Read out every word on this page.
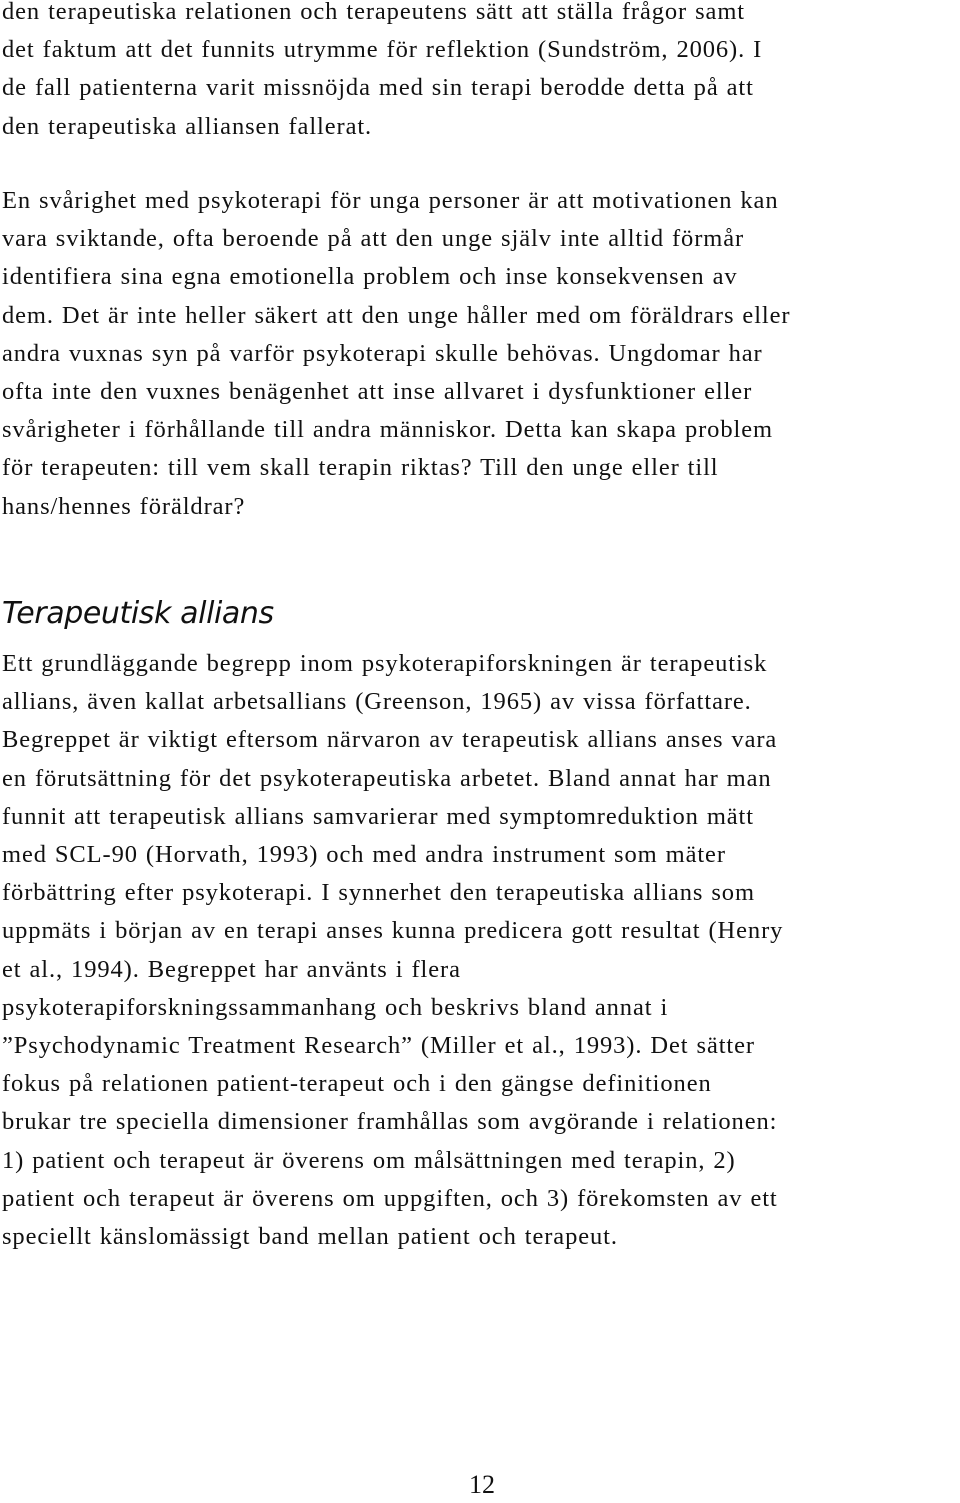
den terapeutiska relationen och terapeutens sätt att ställa frågor samt
det faktum att det funnits utrymme för reflektion (Sundström, 2006). I
de fall patienterna varit missnöjda med sin terapi berodde detta på att
den terapeutiska alliansen fallerat.

En svårighet med psykoterapi för unga personer är att motivationen kan
vara sviktande, ofta beroende på att den unge själv inte alltid förmår
identifiera sina egna emotionella problem och inse konsekvensen av
dem. Det är inte heller säkert att den unge håller med om föräldrars eller
andra vuxnas syn på varför psykoterapi skulle behövas. Ungdomar har
ofta inte den vuxnes benägenhet att inse allvaret i dysfunktioner eller
svårigheter i förhållande till andra människor. Detta kan skapa problem
för terapeuten: till vem skall terapin riktas? Till den unge eller till
hans/hennes föräldrar?

Terapeutisk allians

Ett grundläggande begrepp inom psykoterapiforskningen är terapeutisk
allians, även kallat arbetsallians (Greenson, 1965) av vissa författare.
Begreppet är viktigt eftersom närvaron av terapeutisk allians anses vara
en förutsättning för det psykoterapeutiska arbetet. Bland annat har man
funnit att terapeutisk allians samvarierar med symptomreduktion mätt
med SCL-90 (Horvath, 1993) och med andra instrument som mäter
förbättring efter psykoterapi. I synnerhet den terapeutiska allians som
uppmäts i början av en terapi anses kunna predicera gott resultat (Henry
et al., 1994). Begreppet har använts i flera
psykoterapiforskningssammanhang och beskrivs bland annat i
”Psychodynamic Treatment Research” (Miller et al., 1993). Det sätter
fokus på relationen patient-terapeut och i den gängse definitionen
brukar tre speciella dimensioner framhållas som avgörande i relationen:
1) patient och terapeut är överens om målsättningen med terapin, 2)
patient och terapeut är överens om uppgiften, och 3) förekomsten av ett
speciellt känslomässigt band mellan patient och terapeut.

12
